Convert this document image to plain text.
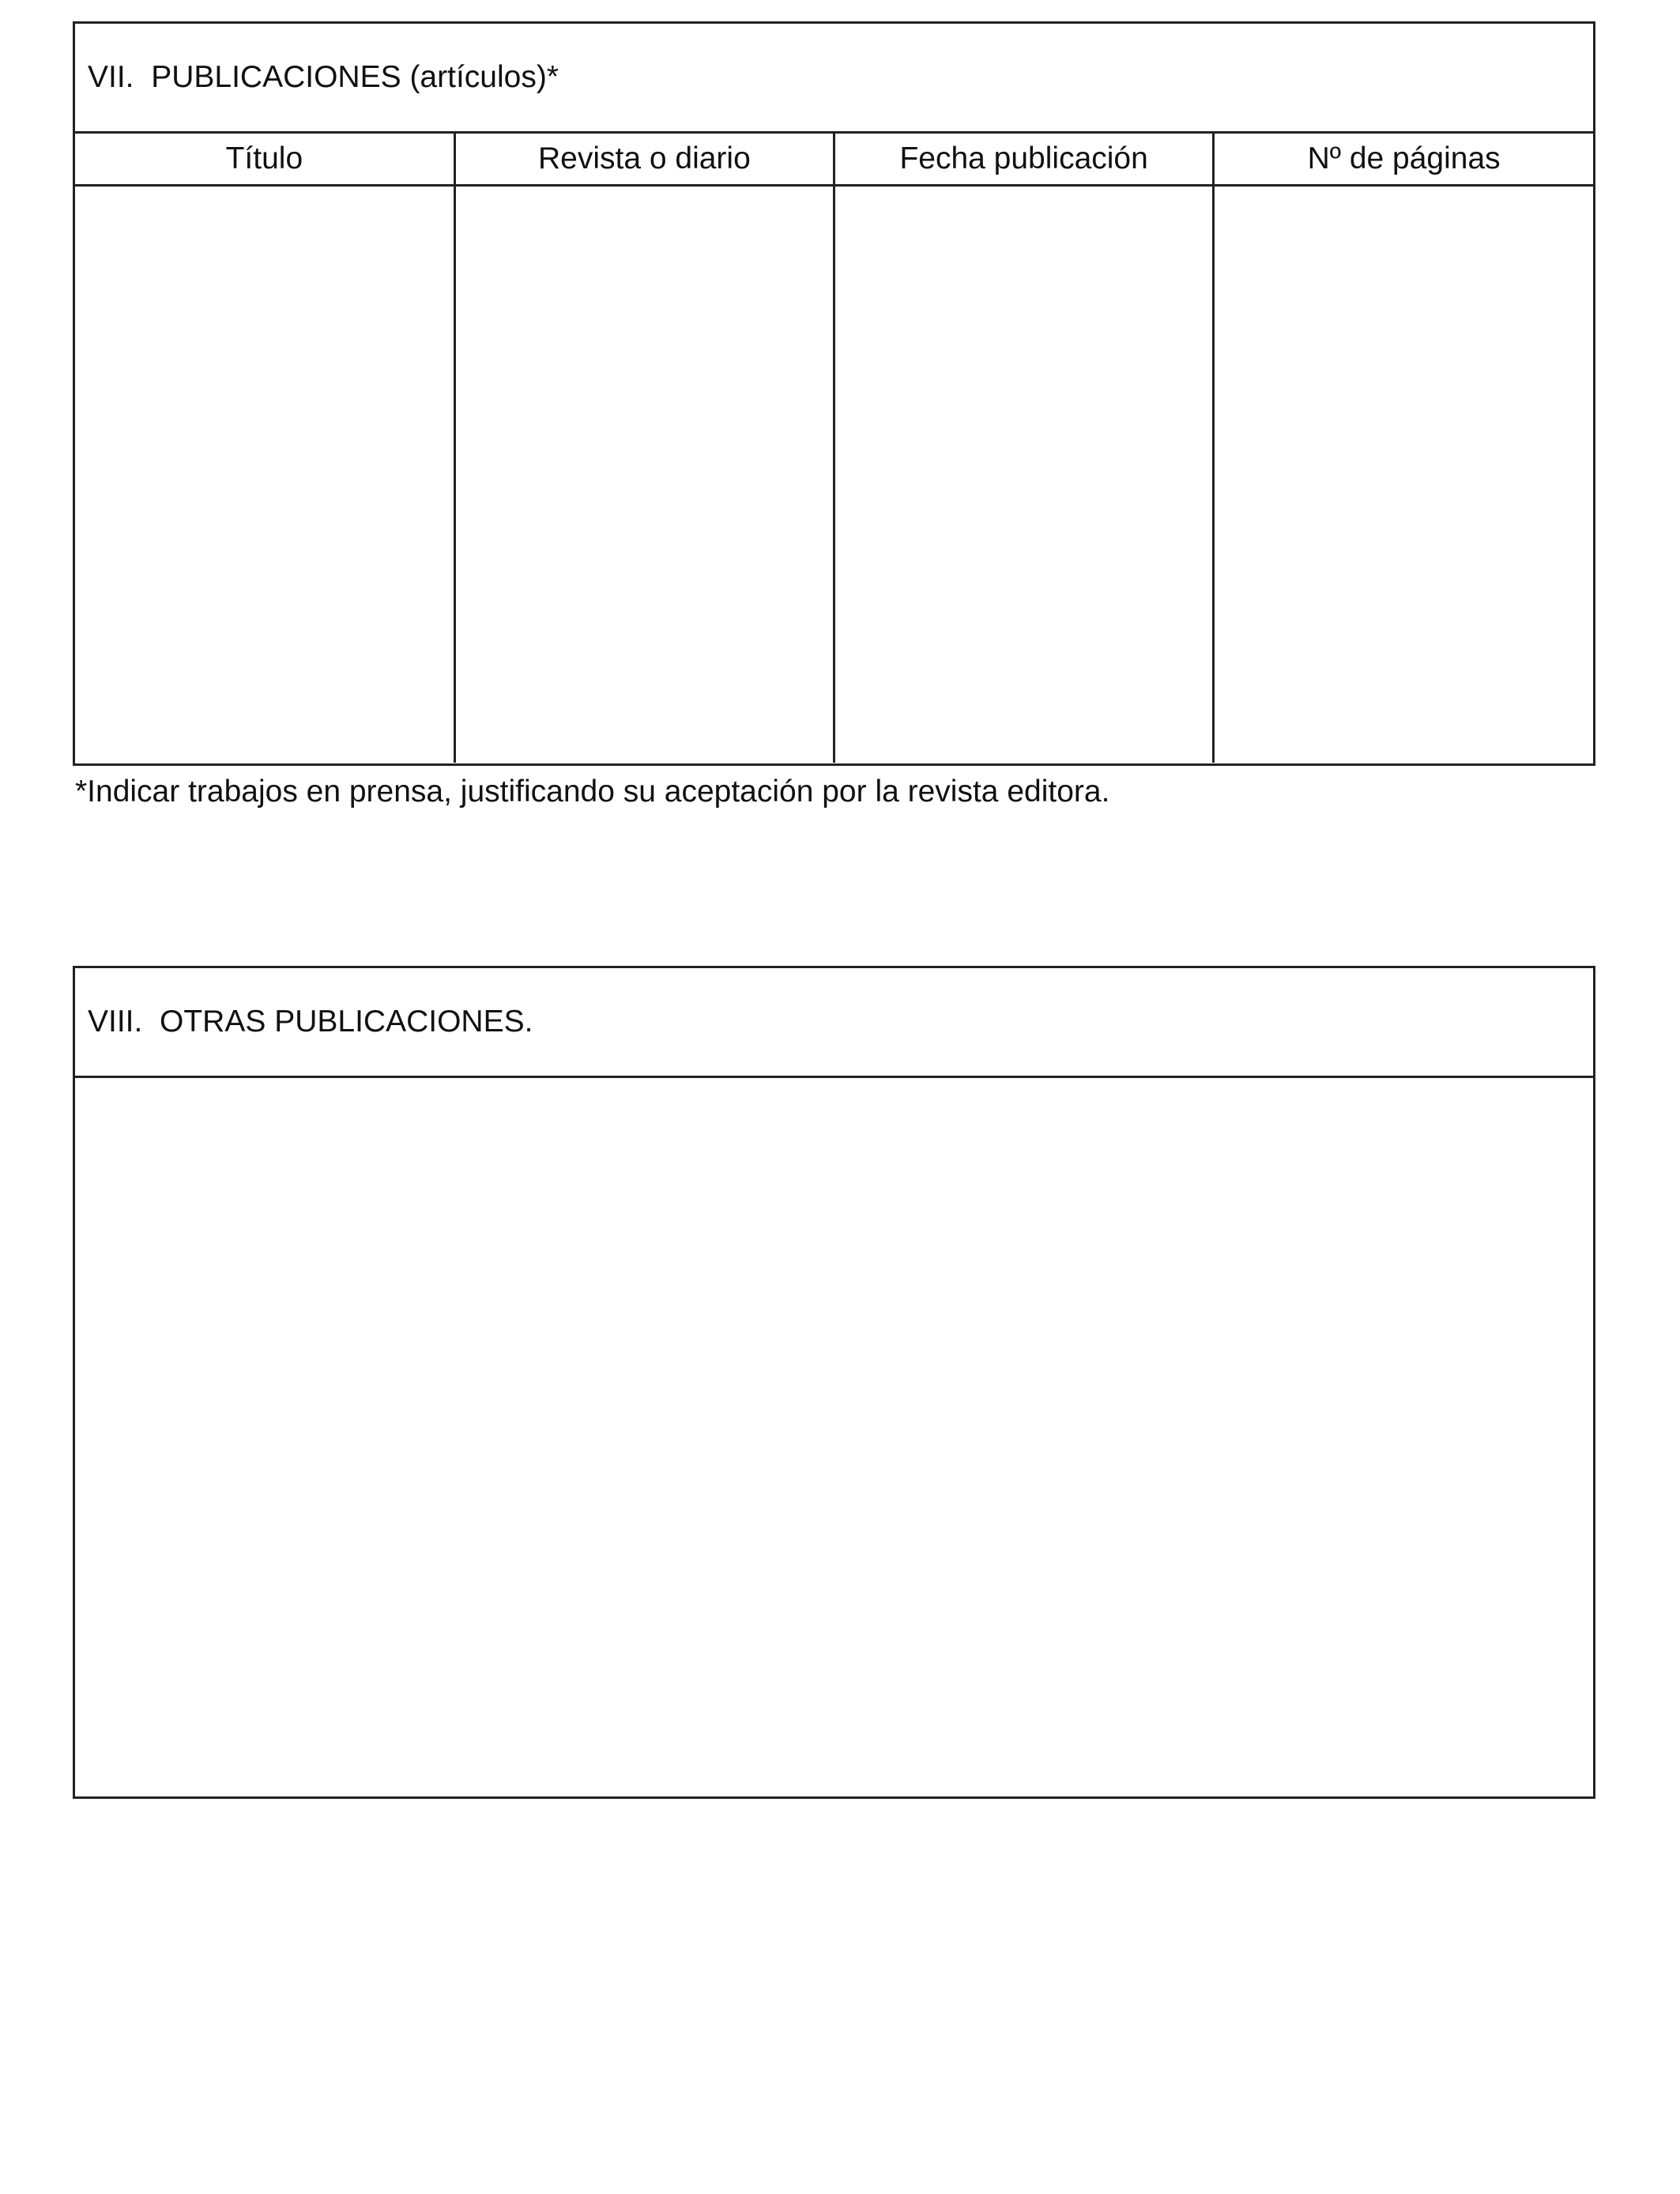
VII.  PUBLICACIONES (artículos)*
Título	Revista o diario	Fecha publicación	Nº de páginas

*Indicar trabajos en prensa, justificando su aceptación por la revista editora.
VIII.  OTRAS PUBLICACIONES.
